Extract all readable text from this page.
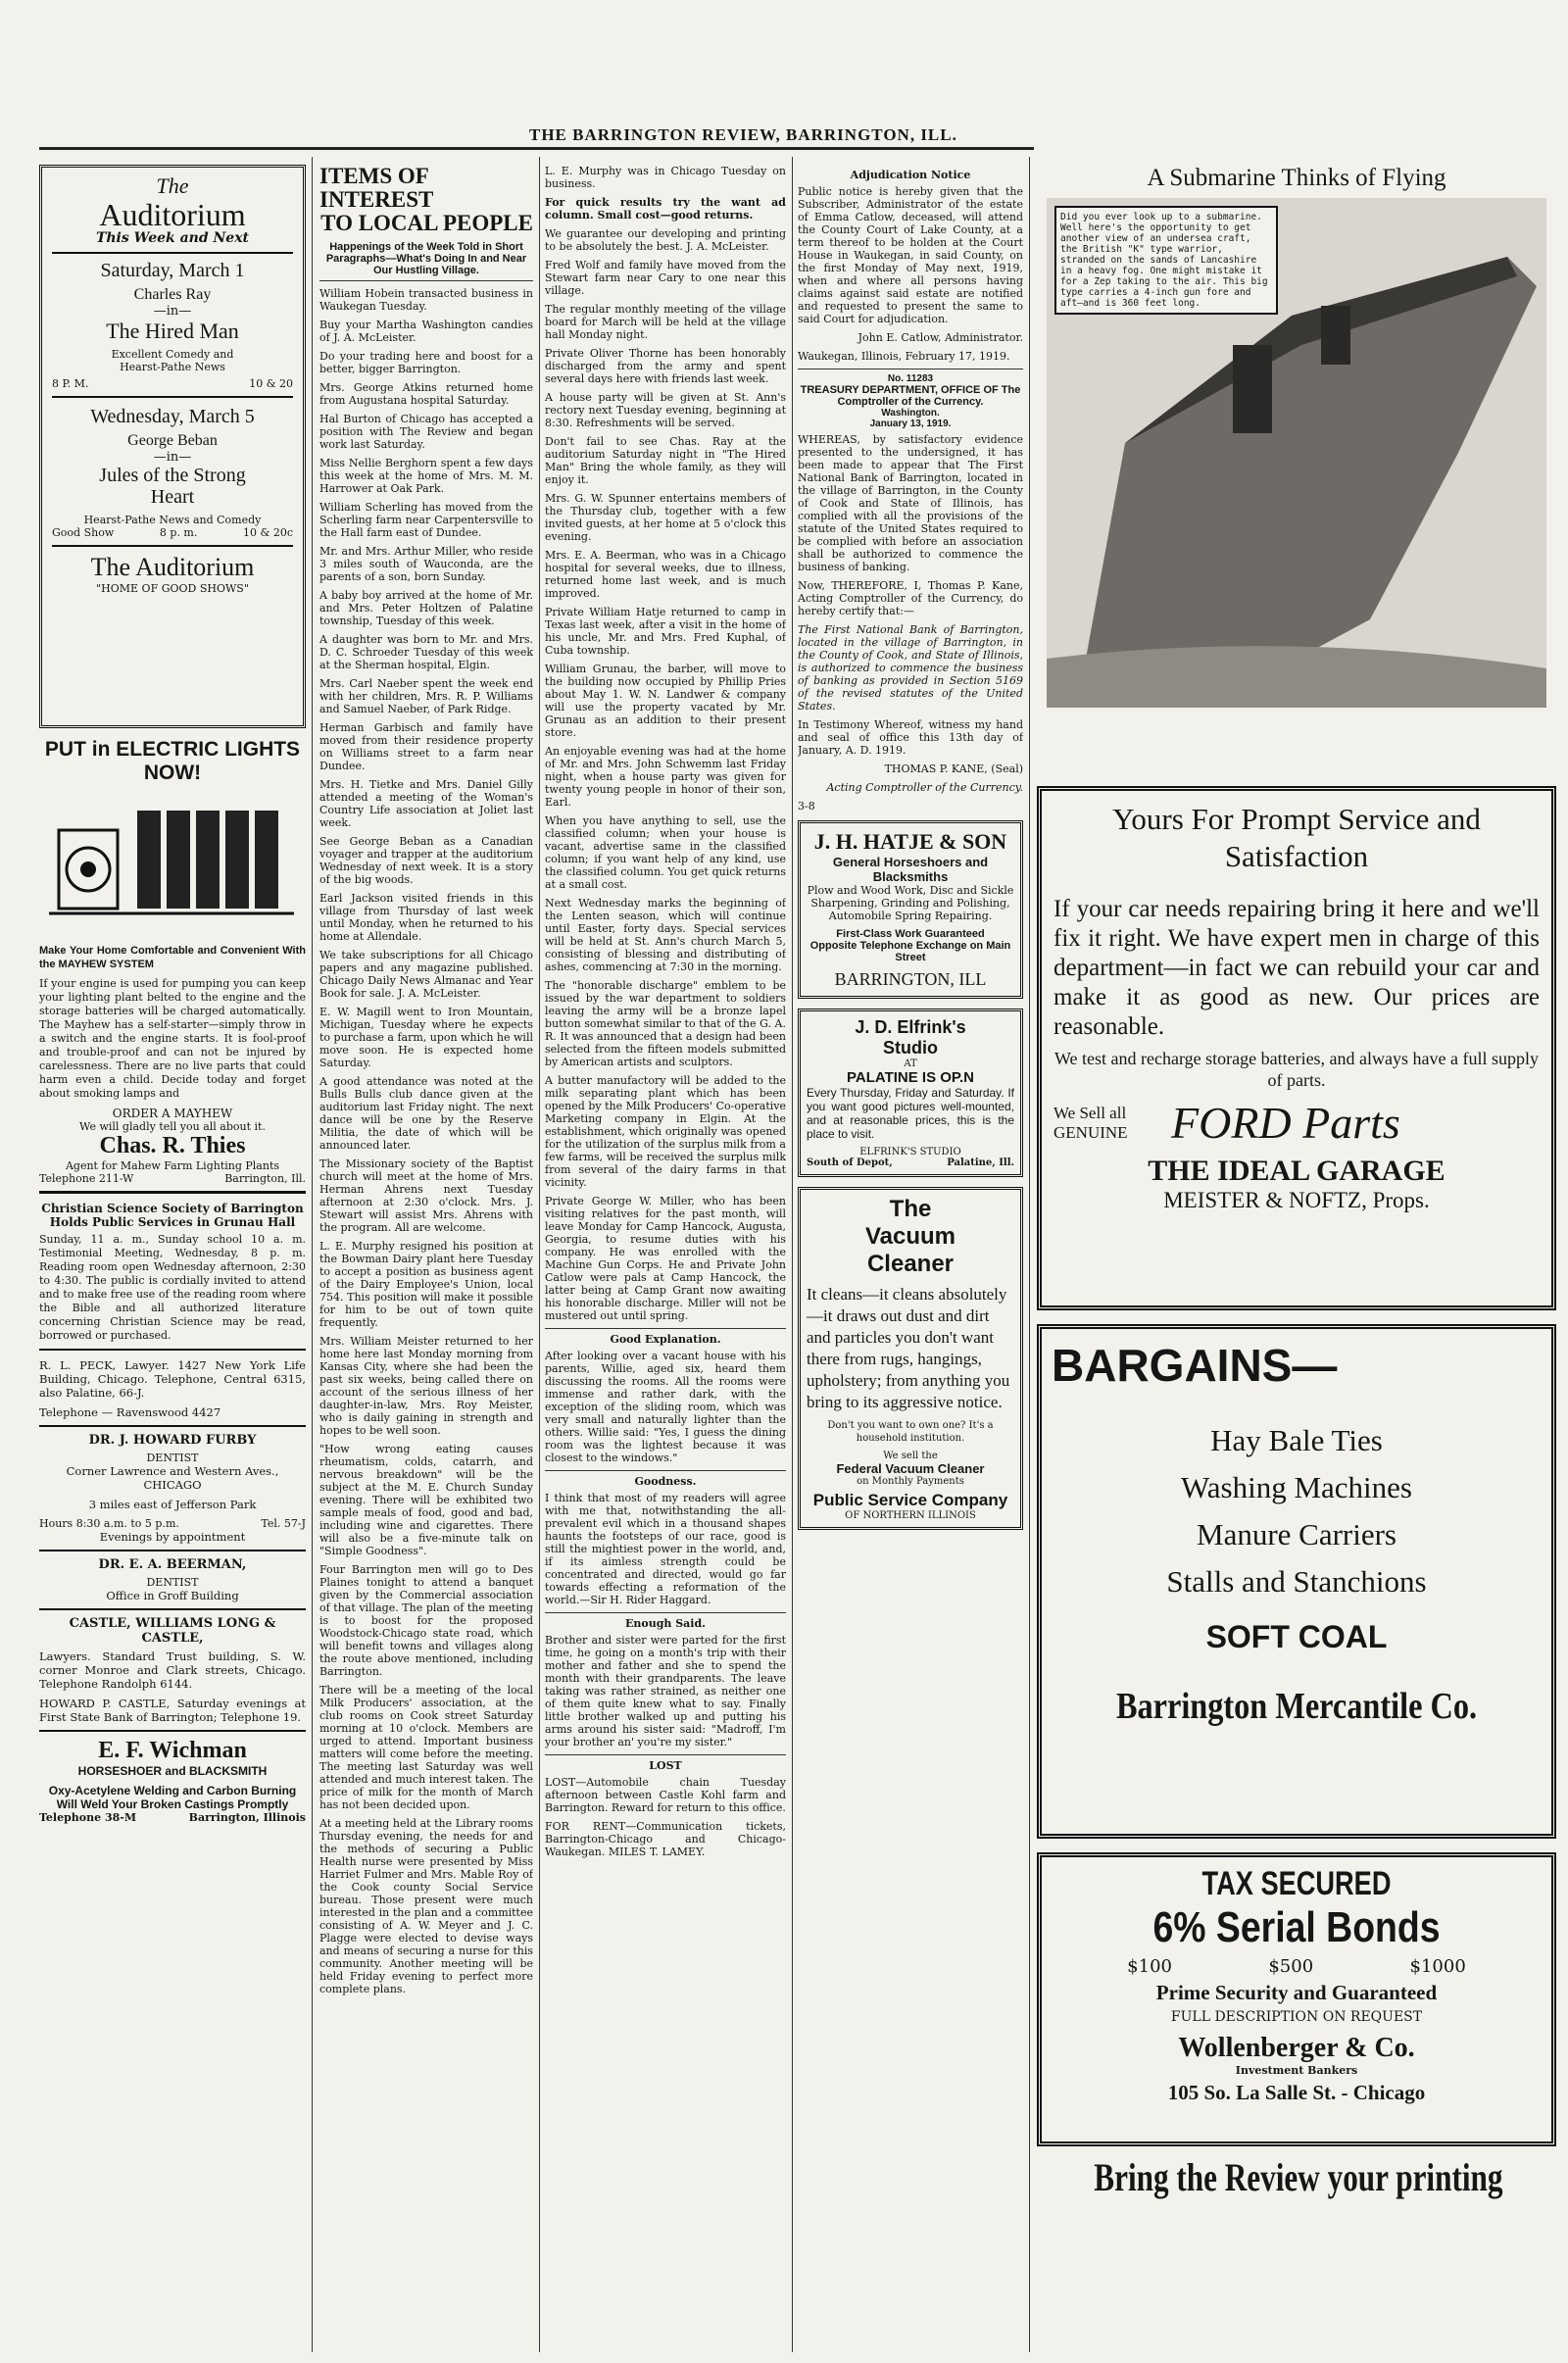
THE BARRINGTON REVIEW, BARRINGTON, ILL.
The
Auditorium
This Week and Next
Saturday, March 1
Charles Ray
—in—
The Hired Man
Excellent Comedy and Hearst-Pathe News
8 P. M.	10 & 20
Wednesday, March 5
George Beban
—in—
Jules of the Strong Heart
Hearst-Pathe News and Comedy
Good Show	8 p. m.	10 & 20c
The Auditorium
"HOME OF GOOD SHOWS"
PUT in ELECTRIC LIGHTS NOW!

Make Your Home Comfortable and Convenient With the MAYHEW SYSTEM

If your engine is used for pumping you can keep your lighting plant belted to the engine and the storage batteries will be charged automatically. The Mayhew has a self-starter—simply throw in a switch and the engine starts. It is fool-proof and trouble-proof and can not be injured by carelessness. There are no live parts that could harm even a child. Decide today and forget about smoking lamps and

ORDER A MAYHEW
We will gladly tell you all about it.
Chas. R. Thies
Agent for Mahew Farm Lighting Plants
Telephone 211-W	Barrington, Ill.
Christian Science Society of Barrington Holds Public Services in Grunau Hall

Sunday, 11 a. m., Sunday school 10 a. m. Testimonial Meeting, Wednesday, 8 p. m. Reading room open Wednesday afternoon, 2:30 to 4:30. The public is cordially invited to attend and to make free use of the reading room where the Bible and all authorized literature concerning Christian Science may be read, borrowed or purchased.

R. L. PECK, Lawyer. 1427 New York Life Building, Chicago. Telephone, Central 6315, also Palatine, 66-J.

Telephone — Ravenswood 4427

DR. J. HOWARD FURBY
DENTIST

Corner Lawrence and Western Aves., CHICAGO

3 miles east of Jefferson Park

Hours 8:30 a.m. to 5 p.m.	Tel. 57-J

Evenings by appointment

DR. E. A. BEERMAN,
DENTIST

Office in Groff Building

CASTLE, WILLIAMS LONG & CASTLE,

Lawyers. Standard Trust building, S. W. corner Monroe and Clark streets, Chicago. Telephone Randolph 6144.

HOWARD P. CASTLE, Saturday evenings at First State Bank of Barrington; Telephone 19.

E. F. Wichman
HORSESHOER and BLACKSMITH
Oxy-Acetylene Welding and Carbon Burning
Will Weld Your Broken Castings Promptly
Telephone 38-M	Barrington, Illinois
ITEMS OF INTEREST
TO LOCAL PEOPLE
Happenings of the Week Told in Short Paragraphs—What's Doing In and Near Our Hustling Village.

William Hobein transacted business in Waukegan Tuesday.

Buy your Martha Washington candies of J. A. McLeister.

Do your trading here and boost for a better, bigger Barrington.

Mrs. George Atkins returned home from Augustana hospital Saturday.

Hal Burton of Chicago has accepted a position with The Review and began work last Saturday.

Miss Nellie Berghorn spent a few days this week at the home of Mrs. M. M. Harrower at Oak Park.

William Scherling has moved from the Scherling farm near Carpentersville to the Hall farm east of Dundee.

Mr. and Mrs. Arthur Miller, who reside 3 miles south of Wauconda, are the parents of a son, born Sunday.

A baby boy arrived at the home of Mr. and Mrs. Peter Holtzen of Palatine township, Tuesday of this week.

A daughter was born to Mr. and Mrs. D. C. Schroeder Tuesday of this week at the Sherman hospital, Elgin.

Mrs. Carl Naeber spent the week end with her children, Mrs. R. P. Williams and Samuel Naeber, of Park Ridge.

Herman Garbisch and family have moved from their residence property on Williams street to a farm near Dundee.

Mrs. H. Tietke and Mrs. Daniel Gilly attended a meeting of the Woman's Country Life association at Joliet last week.

See George Beban as a Canadian voyager and trapper at the auditorium Wednesday of next week. It is a story of the big woods.

Earl Jackson visited friends in this village from Thursday of last week until Monday, when he returned to his home at Allendale.

We take subscriptions for all Chicago papers and any magazine published. Chicago Daily News Almanac and Year Book for sale. J. A. McLeister.

E. W. Magill went to Iron Mountain, Michigan, Tuesday where he expects to purchase a farm, upon which he will move soon. He is expected home Saturday.

A good attendance was noted at the Bulls Bulls club dance given at the auditorium last Friday night. The next dance will be one by the Reserve Militia, the date of which will be announced later.

The Missionary society of the Baptist church will meet at the home of Mrs. Herman Ahrens next Tuesday afternoon at 2:30 o'clock. Mrs. J. Stewart will assist Mrs. Ahrens with the program. All are welcome.

L. E. Murphy resigned his position at the Bowman Dairy plant here Tuesday to accept a position as business agent of the Dairy Employee's Union, local 754. This position will make it possible for him to be out of town quite frequently.

Mrs. William Meister returned to her home here last Monday morning from Kansas City, where she had been the past six weeks, being called there on account of the serious illness of her daughter-in-law, Mrs. Roy Meister, who is daily gaining in strength and hopes to be well soon.

"How wrong eating causes rheumatism, colds, catarrh, and nervous breakdown" will be the subject at the M. E. Church Sunday evening. There will be exhibited two sample meals of food, good and bad, including wine and cigarettes. There will also be a five-minute talk on "Simple Goodness".

Four Barrington men will go to Des Plaines tonight to attend a banquet given by the Commercial association of that village. The plan of the meeting is to boost for the proposed Woodstock-Chicago state road, which will benefit towns and villages along the route above mentioned, including Barrington.

There will be a meeting of the local Milk Producers' association, at the club rooms on Cook street Saturday morning at 10 o'clock. Members are urged to attend. Important business matters will come before the meeting. The meeting last Saturday was well attended and much interest taken. The price of milk for the month of March has not been decided upon.

At a meeting held at the Library rooms Thursday evening, the needs for and the methods of securing a Public Health nurse were presented by Miss Harriet Fulmer and Mrs. Mable Roy of the Cook county Social Service bureau. Those present were much interested in the plan and a committee consisting of A. W. Meyer and J. C. Plagge were elected to devise ways and means of securing a nurse for this community. Another meeting will be held Friday evening to perfect more complete plans.

L. E. Murphy was in Chicago Tuesday on business.

For quick results try the want ad column. Small cost—good returns.

We guarantee our developing and printing to be absolutely the best. J. A. McLeister.

Fred Wolf and family have moved from the Stewart farm near Cary to one near this village.

The regular monthly meeting of the village board for March will be held at the village hall Monday night.

Private Oliver Thorne has been honorably discharged from the army and spent several days here with friends last week.

A house party will be given at St. Ann's rectory next Tuesday evening, beginning at 8:30. Refreshments will be served.

Don't fail to see Chas. Ray at the auditorium Saturday night in "The Hired Man" Bring the whole family, as they will enjoy it.

Mrs. G. W. Spunner entertains members of the Thursday club, together with a few invited guests, at her home at 5 o'clock this evening.

Mrs. E. A. Beerman, who was in a Chicago hospital for several weeks, due to illness, returned home last week, and is much improved.

Private William Hatje returned to camp in Texas last week, after a visit in the home of his uncle, Mr. and Mrs. Fred Kuphal, of Cuba township.

William Grunau, the barber, will move to the building now occupied by Phillip Pries about May 1. W. N. Landwer & company will use the property vacated by Mr. Grunau as an addition to their present store.

An enjoyable evening was had at the home of Mr. and Mrs. John Schwemm last Friday night, when a house party was given for twenty young people in honor of their son, Earl.

When you have anything to sell, use the classified column; when your house is vacant, advertise same in the classified column; if you want help of any kind, use the classified column. You get quick returns at a small cost.

Next Wednesday marks the beginning of the Lenten season, which will continue until Easter, forty days. Special services will be held at St. Ann's church March 5, consisting of blessing and distributing of ashes, commencing at 7:30 in the morning.

The "honorable discharge" emblem to be issued by the war department to soldiers leaving the army will be a bronze lapel button somewhat similar to that of the G. A. R. It was announced that a design had been selected from the fifteen models submitted by American artists and sculptors.

A butter manufactory will be added to the milk separating plant which has been opened by the Milk Producers' Co-operative Marketing company in Elgin. At the establishment, which originally was opened for the utilization of the surplus milk from a few farms, will be received the surplus milk from several of the dairy farms in that vicinity.

Private George W. Miller, who has been visiting relatives for the past month, will leave Monday for Camp Hancock, Augusta, Georgia, to resume duties with his company. He was enrolled with the Machine Gun Corps. He and Private John Catlow were pals at Camp Hancock, the latter being at Camp Grant now awaiting his honorable discharge. Miller will not be mustered out until spring.

Good Explanation.

After looking over a vacant house with his parents, Willie, aged six, heard them discussing the rooms. All the rooms were immense and rather dark, with the exception of the sliding room, which was very small and naturally lighter than the others. Willie said: "Yes, I guess the dining room was the lightest because it was closest to the windows."

Goodness.

I think that most of my readers will agree with me that, notwithstanding the all-prevalent evil which in a thousand shapes haunts the footsteps of our race, good is still the mightiest power in the world, and, if its aimless strength could be concentrated and directed, would go far towards effecting a reformation of the world.—Sir H. Rider Haggard.

Enough Said.

Brother and sister were parted for the first time, he going on a month's trip with their mother and father and she to spend the month with their grandparents. The leave taking was rather strained, as neither one of them quite knew what to say. Finally little brother walked up and putting his arms around his sister said: "Madroff, I'm your brother an' you're my sister."

LOST

LOST—Automobile chain Tuesday afternoon between Castle Kohl farm and Barrington. Reward for return to this office.

FOR RENT—Communication tickets, Barrington-Chicago and Chicago-Waukegan. MILES T. LAMEY.

Adjudication Notice

Public notice is hereby given that the Subscriber, Administrator of the estate of Emma Catlow, deceased, will attend the County Court of Lake County, at a term thereof to be holden at the Court House in Waukegan, in said County, on the first Monday of May next, 1919, when and where all persons having claims against said estate are notified and requested to present the same to said Court for adjudication.

John E. Catlow, Administrator.

Waukegan, Illinois, February 17, 1919.

No. 11283
TREASURY DEPARTMENT, OFFICE OF The Comptroller of the Currency.
Washington.
January 13, 1919.

WHEREAS, by satisfactory evidence presented to the undersigned, it has been made to appear that The First National Bank of Barrington, located in the village of Barrington, in the County of Cook and State of Illinois, has complied with all the provisions of the statute of the United States required to be complied with before an association shall be authorized to commence the business of banking.

Now, THEREFORE, I, Thomas P. Kane, Acting Comptroller of the Currency, do hereby certify that:—

The First National Bank of Barrington, located in the village of Barrington, in the County of Cook, and State of Illinois, is authorized to commence the business of banking as provided in Section 5169 of the revised statutes of the United States.

In Testimony Whereof, witness my hand and seal of office this 13th day of January, A. D. 1919.

THOMAS P. KANE, (Seal)

Acting Comptroller of the Currency.

3-8

J. H. HATJE & SON
General Horseshoers and Blacksmiths

Plow and Wood Work, Disc and Sickle Sharpening, Grinding and Polishing, Automobile Spring Repairing.

First-Class Work Guaranteed
Opposite Telephone Exchange on Main Street
BARRINGTON, ILL
J. D. Elfrink's
Studio
AT
PALATINE IS OP.N

Every Thursday, Friday and Saturday. If you want good pictures well-mounted, and at reasonable prices, this is the place to visit.

ELFRINK'S STUDIO
South of Depot,	Palatine, Ill.
The
Vacuum
Cleaner

It cleans—it cleans absolutely—it draws out dust and dirt and particles you don't want there from rugs, hangings, upholstery; from anything you bring to its aggressive notice.

Don't you want to own one? It's a household institution.

We sell the
Federal Vacuum Cleaner
on Monthly Payments
Public Service Company
OF NORTHERN ILLINOIS
A Submarine Thinks of Flying
Did you ever look up to a submarine. Well here's the opportunity to get another view of an undersea craft, the British "K" type warrior, stranded on the sands of Lancashire in a heavy fog. One might mistake it for a Zep taking to the air. This big type carries a 4-inch gun fore and aft—and is 360 feet long.
Yours For Prompt Service and Satisfaction

If your car needs repairing bring it here and we'll fix it right. We have expert men in charge of this department—in fact we can rebuild your car and make it as good as new. Our prices are reasonable.

We test and recharge storage batteries, and always have a full supply of parts.

We Sell all GENUINE FORD Parts
THE IDEAL GARAGE
MEISTER & NOFTZ, Props.
BARGAINS—
Hay Bale Ties
Washing Machines
Manure Carriers
Stalls and Stanchions
SOFT COAL
Barrington Mercantile Co.
TAX SECURED
6% Serial Bonds
$100	$500	$1000
Prime Security and Guaranteed
FULL DESCRIPTION ON REQUEST
Wollenberger & Co.
Investment Bankers
105 So. La Salle St. - Chicago
Bring the Review your printing
